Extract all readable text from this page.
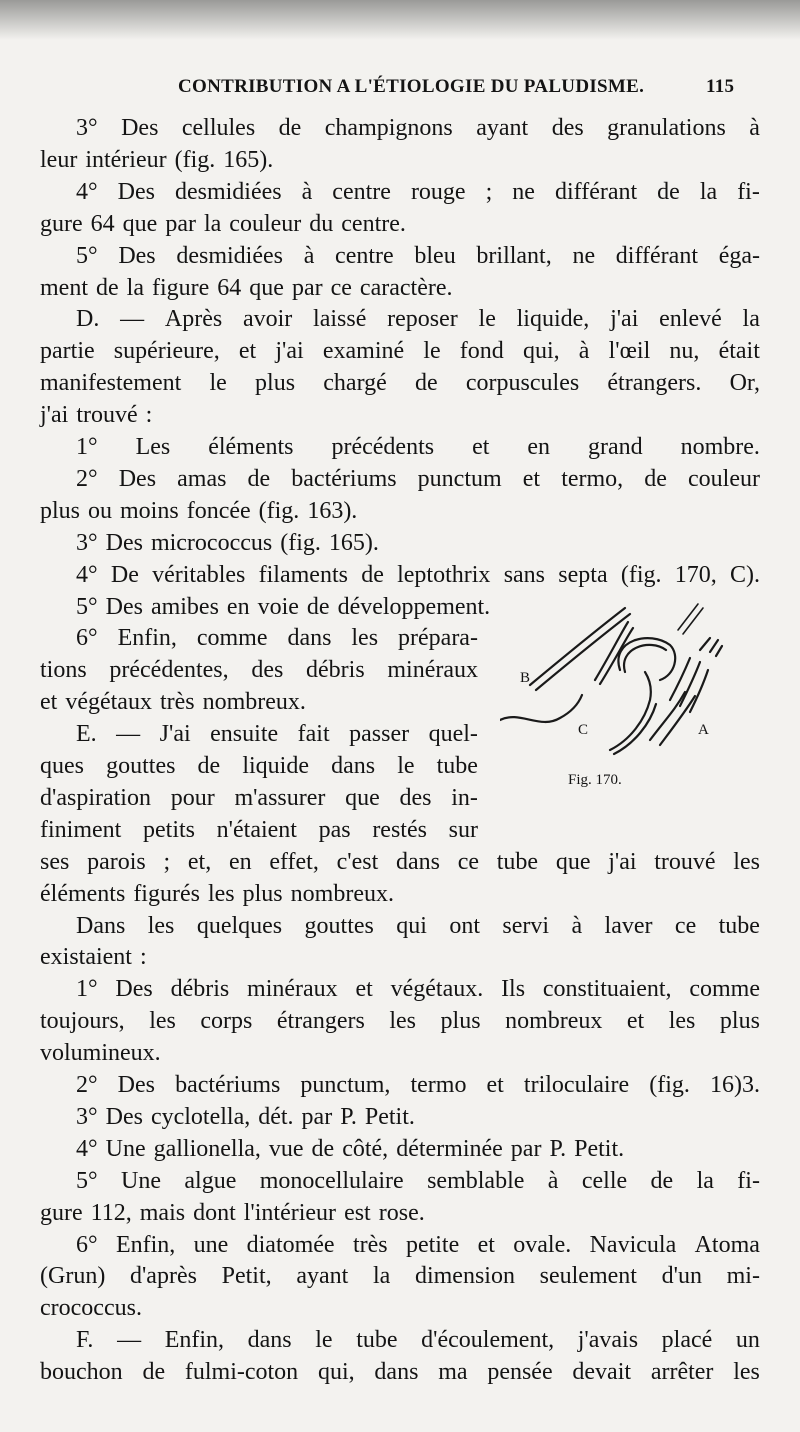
CONTRIBUTION A L'ÉTIOLOGIE DU PALUDISME.	115
3° Des cellules de champignons ayant des granulations à
leur intérieur (fig. 165).
4° Des desmidiées à centre rouge ; ne différant de la fi-
gure 64 que par la couleur du centre.
5° Des desmidiées à centre bleu brillant, ne différant éga-
ment de la figure 64 que par ce caractère.
D. — Après avoir laissé reposer le liquide, j'ai enlevé la
partie supérieure, et j'ai examiné le fond qui, à l'œil nu, était
manifestement le plus chargé de corpuscules étrangers. Or,
j'ai trouvé :
1° Les éléments précédents et en grand nombre.
2° Des amas de bactériums punctum et termo, de couleur
plus ou moins foncée (fig. 163).
3° Des micrococcus (fig. 165).
4° De véritables filaments de leptothrix sans septa (fig. 170, C).
5° Des amibes en voie de développement.
6° Enfin, comme dans les prépara-
tions précédentes, des débris minéraux
et végétaux très nombreux.
E. — J'ai ensuite fait passer quel-
ques gouttes de liquide dans le tube
d'aspiration pour m'assurer que des in-
finiment petits n'étaient pas restés sur
ses parois ; et, en effet, c'est dans ce tube que j'ai trouvé les
éléments figurés les plus nombreux.
Dans les quelques gouttes qui ont servi à laver ce tube
existaient :
1° Des débris minéraux et végétaux. Ils constituaient, comme
toujours, les corps étrangers les plus nombreux et les plus
volumineux.
2° Des bactériums punctum, termo et triloculaire (fig. 16)3.
3° Des cyclotella, dét. par P. Petit.
4° Une gallionella, vue de côté, déterminée par P. Petit.
5° Une algue monocellulaire semblable à celle de la fi-
gure 112, mais dont l'intérieur est rose.
6° Enfin, une diatomée très petite et ovale. Navicula Atoma
(Grun) d'après Petit, ayant la dimension seulement d'un mi-
crococcus.
F. — Enfin, dans le tube d'écoulement, j'avais placé un
bouchon de fulmi-coton qui, dans ma pensée devait arrêter les
B
C	A
Fig. 170.
